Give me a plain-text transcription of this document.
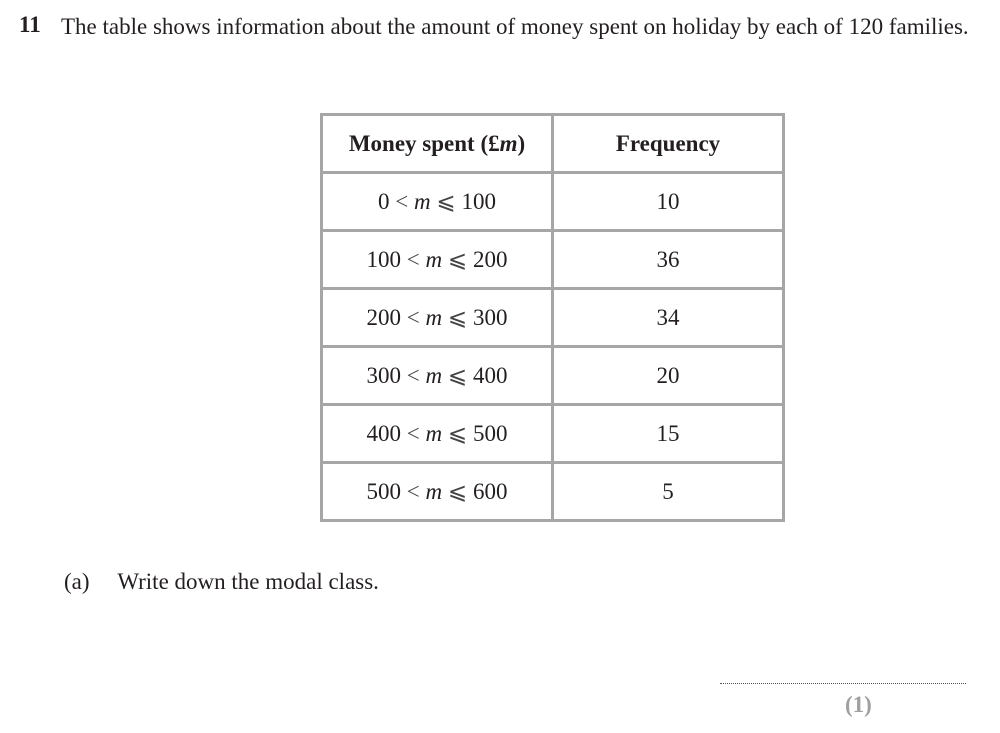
11 The table shows information about the amount of money spent on holiday by each of 120 families.
Money spent (£m)	Frequency
0 < m ⩽ 100	10
100 < m ⩽ 200	36
200 < m ⩽ 300	34
300 < m ⩽ 400	20
400 < m ⩽ 500	15
500 < m ⩽ 600	5
(a) Write down the modal class.
(1)
